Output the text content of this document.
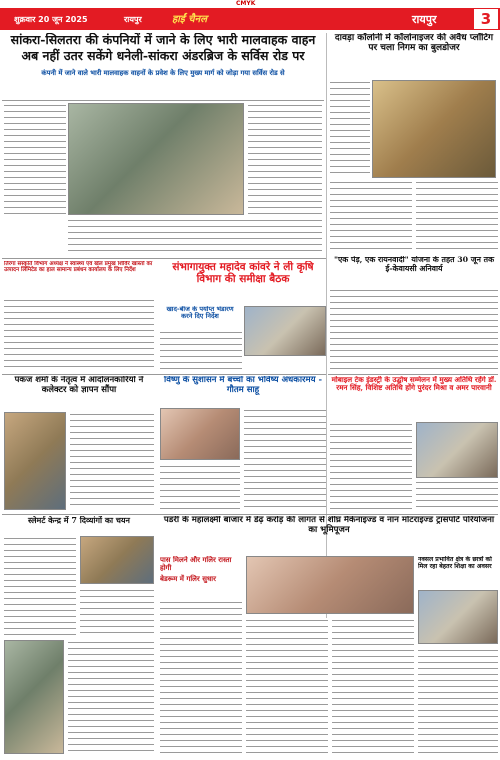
CMYK
शुक्रवार 20 जून 2025	रायपुर	हाईं चैनल	रायपुर	3
सांकरा-सिलतरा की कंपनियों में जाने के लिए भारी मालवाहक वाहन
अब नहीं उतर सकेंगे धनेली-सांकरा अंडरब्रिज के सर्विस रोड पर
कंपनी में जाने वाले भारी मालवाहक वाहनों के प्रवेश के लिए मुख्य मार्ग को जोड़ा गया सर्विस रोड से
दावड़ा कॉलोनी में कॉलोनाइजर की अवैध प्लॉटिंग पर चला निगम का बुलडोजर
तिरंगा संस्कृति विभाग अध्यक्ष ने स्वास्थ्य एवं खेल प्रमुख शिविर खास्तों का उत्पादन लिमिटेड का हाल सामान्य प्रबंधन कार्यालय के लिए निर्देश	संभागायुक्त महादेव कांवरे ने ली कृषि विभाग की समीक्षा बैठक
खाद-बीज के पर्याप्त भंडारण करने दिए निर्देश
पंकज शर्मा के नेतृत्व में आंदोलनकारियों ने कलेक्टर को ज्ञापन सौंपा
विष्णु के सुशासन में बच्चों का भविष्य अंधकारमय - गौतम साहू
"एक पेड़, एक रायनवादी" योजना के तहत 30 जून तक ई-केवायसी अनिवार्य
मोबाइल टेक इंडस्ट्री के उद्घोष सम्मेलन में मुख्य अतिथि रहेंगे डॉ. रमन सिंह, विशिष्ट अतिथि होंगे पुरंदर मिश्रा व अमर पारवानी
स्लेमर्ट केन्द्र में 7 दिव्यांगों का चयन	पंडरी के महालक्ष्मी बाजार में डेढ़ करोड़ की लागत से शीघ्र मैकेनाइज्ड व नान मोटराइज्ड ट्रांसपोर्ट परियोजना का भूमिपूजन
पास मिलने और गलिर रास्ता होगी
बेडरूम में गलिर सुधार
नक्सल प्रभावित क्षेत्र के छात्रों को मिल रहा बेहतर शिक्षा का अवसर
